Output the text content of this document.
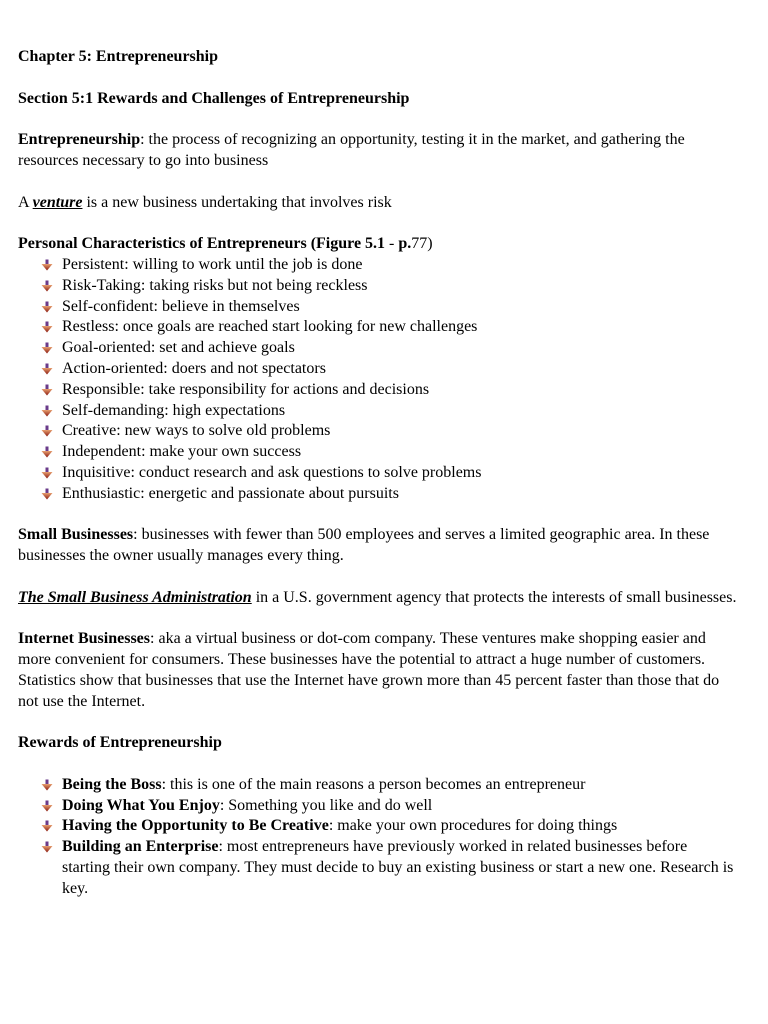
Chapter 5: Entrepreneurship

Section 5:1 Rewards and Challenges of Entrepreneurship

Entrepreneurship: the process of recognizing an opportunity, testing it in the market, and gathering the resources necessary to go into business

A venture is a new business undertaking that involves risk

Personal Characteristics of Entrepreneurs (Figure 5.1 - p.77)

Persistent: willing to work until the job is done
Risk-Taking: taking risks but not being reckless
Self-confident: believe in themselves
Restless: once goals are reached start looking for new challenges
Goal-oriented: set and achieve goals
Action-oriented: doers and not spectators
Responsible: take responsibility for actions and decisions
Self-demanding: high expectations
Creative: new ways to solve old problems
Independent: make your own success
Inquisitive: conduct research and ask questions to solve problems
Enthusiastic: energetic and passionate about pursuits

Small Businesses: businesses with fewer than 500 employees and serves a limited geographic area. In these businesses the owner usually manages every thing.

The Small Business Administration in a U.S. government agency that protects the interests of small businesses.

Internet Businesses: aka a virtual business or dot-com company. These ventures make shopping easier and more convenient for consumers. These businesses have the potential to attract a huge number of customers. Statistics show that businesses that use the Internet have grown more than 45 percent faster than those that do not use the Internet.

Rewards of Entrepreneurship

Being the Boss: this is one of the main reasons a person becomes an entrepreneur
Doing What You Enjoy: Something you like and do well
Having the Opportunity to Be Creative: make your own procedures for doing things
Building an Enterprise: most entrepreneurs have previously worked in related businesses before starting their own company. They must decide to buy an existing business or start a new one. Research is key.
